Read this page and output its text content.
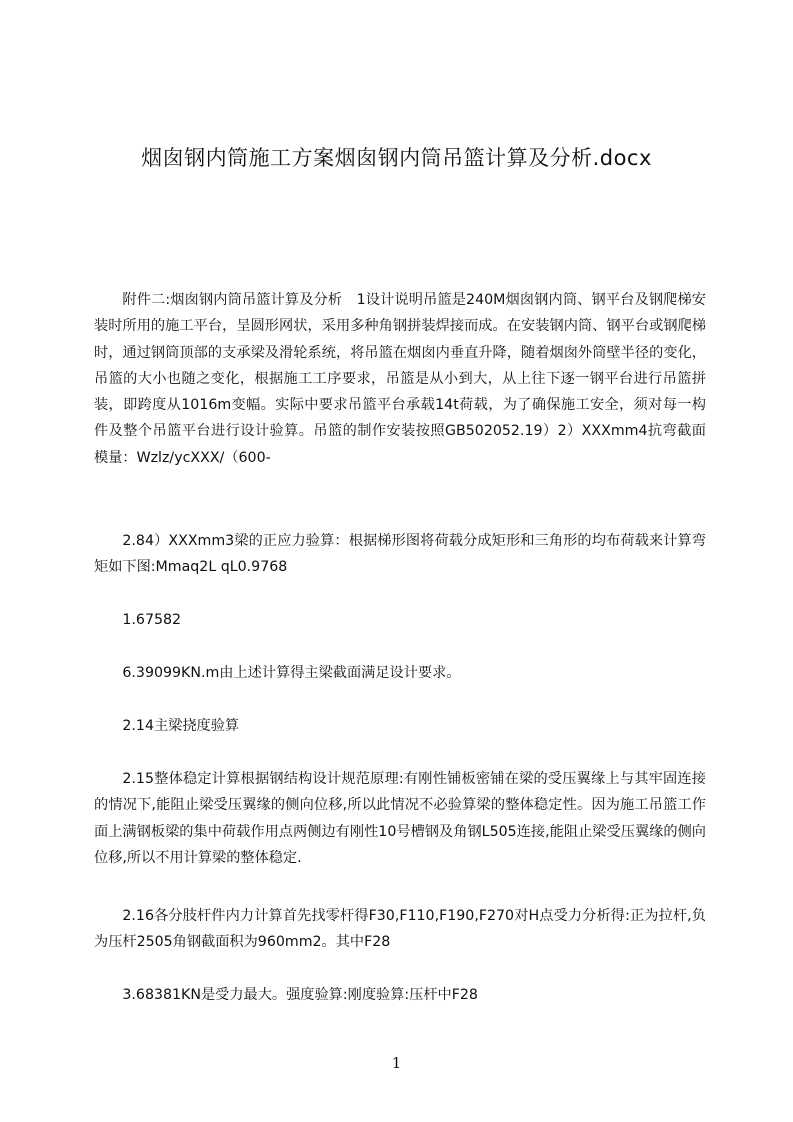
烟囱钢内筒施工方案烟囱钢内筒吊篮计算及分析.docx
附件二:烟囱钢内筒吊篮计算及分析　1设计说明吊篮是240M烟囱钢内筒、钢平台及钢爬梯安装时所用的施工平台，呈圆形网状，采用多种角钢拼装焊接而成。在安装钢内筒、钢平台或钢爬梯时，通过钢筒顶部的支承梁及滑轮系统，将吊篮在烟囱内垂直升降，随着烟囱外筒壁半径的变化，吊篮的大小也随之变化，根据施工工序要求，吊篮是从小到大，从上往下逐一钢平台进行吊篮拼装，即跨度从1016m变幅。实际中要求吊篮平台承载14t荷载，为了确保施工安全，须对每一构件及整个吊篮平台进行设计验算。吊篮的制作安装按照GB502052.19）2）XXXmm4抗弯截面模量：Wzlz/ycXXX/（600-
2.84）XXXmm3梁的正应力验算：根据梯形图将荷载分成矩形和三角形的均布荷载来计算弯矩如下图:Mmaq2L qL0.9768
1.67582
6.39099KN.m由上述计算得主梁截面满足设计要求。
2.14主梁挠度验算
2.15整体稳定计算根据钢结构设计规范原理:有刚性铺板密铺在梁的受压翼缘上与其牢固连接的情况下,能阻止梁受压翼缘的侧向位移,所以此情况不必验算梁的整体稳定性。因为施工吊篮工作面上满钢板梁的集中荷载作用点两侧边有刚性10号槽钢及角钢L505连接,能阻止梁受压翼缘的侧向位移,所以不用计算梁的整体稳定.
2.16各分肢杆件内力计算首先找零杆得F30,F110,F190,F270对H点受力分析得:正为拉杆,负为压杆2505角钢截面积为960mm2。其中F28
3.68381KN是受力最大。强度验算:刚度验算:压杆中F28
1
